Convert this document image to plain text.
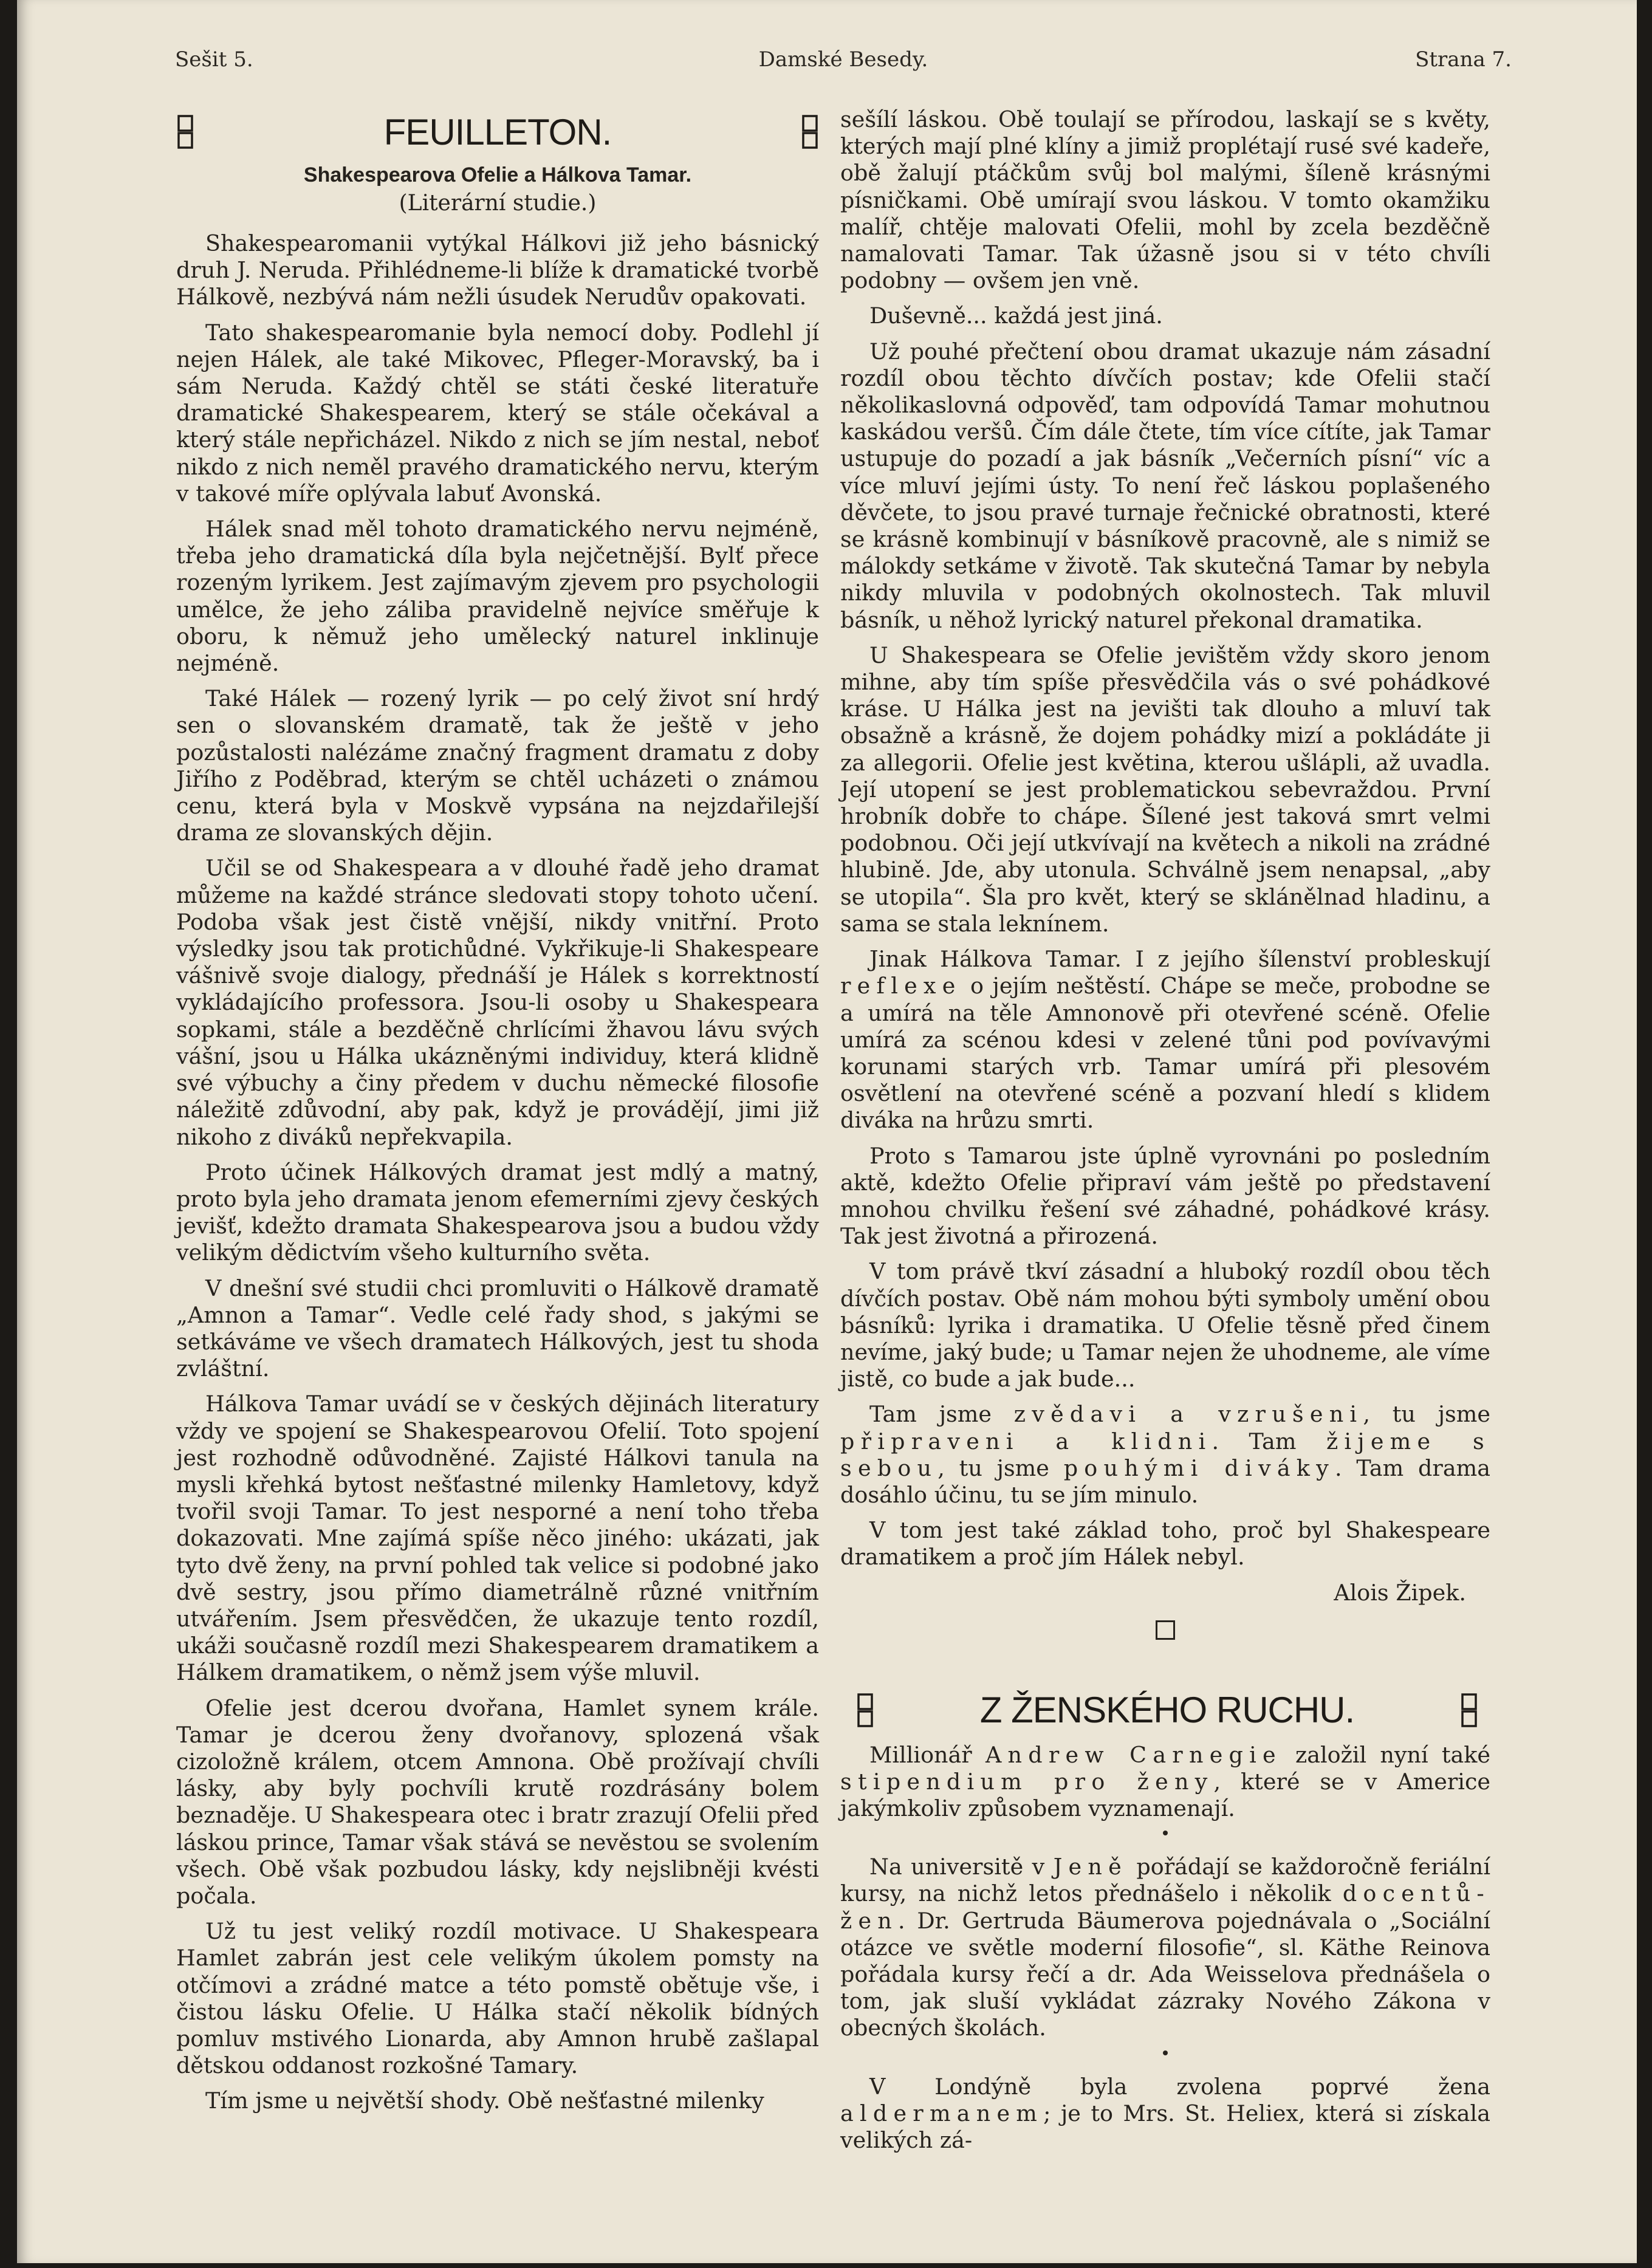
Sešit 5.	Damské Besedy.	Strana 7.
FEUILLETON.
Shakespearova Ofelie a Hálkova Tamar.
(Literární studie.)

Shakespearomanii vytýkal Hálkovi již jeho básnický druh J. Neruda. Přihlédneme-li blíže k dramatické tvorbě Hálkově, nezbývá nám nežli úsudek Nerudův opakovati.

Tato shakespearomanie byla nemocí doby. Podlehl jí nejen Hálek, ale také Mikovec, Pfleger-Moravský, ba i sám Neruda. Každý chtěl se státi české literatuře dramatické Shakespearem, který se stále očekával a který stále nepřicházel. Nikdo z nich se jím nestal, neboť nikdo z nich neměl pravého dramatického nervu, kterým v takové míře oplývala labuť Avonská.

Hálek snad měl tohoto dramatického nervu nejméně, třeba jeho dramatická díla byla nejčetnější. Bylť přece rozeným lyrikem. Jest zajímavým zjevem pro psychologii umělce, že jeho záliba pravidelně nejvíce směřuje k oboru, k němuž jeho umělecký naturel inklinuje nejméně.

Také Hálek — rozený lyrik — po celý život sní hrdý sen o slovanském dramatě, tak že ještě v jeho pozůstalosti nalézáme značný fragment dramatu z doby Jiřího z Poděbrad, kterým se chtěl ucházeti o známou cenu, která byla v Moskvě vypsána na nejzdařilejší drama ze slovanských dějin.

Učil se od Shakespeara a v dlouhé řadě jeho dramat můžeme na každé stránce sledovati stopy tohoto učení. Podoba však jest čistě vnější, nikdy vnitřní. Proto výsledky jsou tak protichůdné. Vykřikuje-li Shakespeare vášnivě svoje dialogy, přednáší je Hálek s korrektností vykládajícího professora. Jsou-li osoby u Shakespeara sopkami, stále a bezděčně chrlícími žhavou lávu svých vášní, jsou u Hálka ukázněnými individuy, která klidně své výbuchy a činy předem v duchu německé filosofie náležitě zdůvodní, aby pak, když je provádějí, jimi již nikoho z diváků nepřekvapila.

Proto účinek Hálkových dramat jest mdlý a matný, proto byla jeho dramata jenom efemerními zjevy českých jevišť, kdežto dramata Shakespearova jsou a budou vždy velikým dědictvím všeho kulturního světa.

V dnešní své studii chci promluviti o Hálkově dramatě „Amnon a Tamar“. Vedle celé řady shod, s jakými se setkáváme ve všech dramatech Hálkových, jest tu shoda zvláštní.

Hálkova Tamar uvádí se v českých dějinách literatury vždy ve spojení se Shakespearovou Ofelií. Toto spojení jest rozhodně odůvodněné. Zajisté Hálkovi tanula na mysli křehká bytost nešťastné milenky Hamletovy, když tvořil svoji Tamar. To jest nesporné a není toho třeba dokazovati. Mne zajímá spíše něco jiného: ukázati, jak tyto dvě ženy, na první pohled tak velice si podobné jako dvě sestry, jsou přímo diametrálně různé vnitřním utvářením. Jsem přesvědčen, že ukazuje tento rozdíl, ukáži současně rozdíl mezi Shakespearem dramatikem a Hálkem dramatikem, o němž jsem výše mluvil.

Ofelie jest dcerou dvořana, Hamlet synem krále. Tamar je dcerou ženy dvořanovy, splozená však cizoložně králem, otcem Amnona. Obě prožívají chvíli lásky, aby byly pochvíli krutě rozdrásány bolem beznaděje. U Shakespeara otec i bratr zrazují Ofelii před láskou prince, Tamar však stává se nevěstou se svolením všech. Obě však pozbudou lásky, kdy nejslibněji kvésti počala.

Už tu jest veliký rozdíl motivace. U Shakespeara Hamlet zabrán jest cele velikým úkolem pomsty na otčímovi a zrádné matce a této pomstě obětuje vše, i čistou lásku Ofelie. U Hálka stačí několik bídných pomluv mstivého Lionarda, aby Amnon hrubě zašlapal dětskou oddanost rozkošné Tamary.

Tím jsme u největší shody. Obě nešťastné milenky

sešílí láskou. Obě toulají se přírodou, laskají se s květy, kterých mají plné klíny a jimiž proplétají rusé své kadeře, obě žalují ptáčkům svůj bol malými, šíleně krásnými písničkami. Obě umírají svou láskou. V tomto okamžiku malíř, chtěje malovati Ofelii, mohl by zcela bezděčně namalovati Tamar. Tak úžasně jsou si v této chvíli podobny — ovšem jen vně.

Duševně... každá jest jiná.

Už pouhé přečtení obou dramat ukazuje nám zásadní rozdíl obou těchto dívčích postav; kde Ofelii stačí několikaslovná odpověď, tam odpovídá Tamar mohutnou kaskádou veršů. Čím dále čtete, tím více cítíte, jak Tamar ustupuje do pozadí a jak básník „Večerních písní“ víc a více mluví jejími ústy. To není řeč láskou poplašeného děvčete, to jsou pravé turnaje řečnické obratnosti, které se krásně kombinují v básníkově pracovně, ale s nimiž se málokdy setkáme v životě. Tak skutečná Tamar by nebyla nikdy mluvila v podobných okolnostech. Tak mluvil básník, u něhož lyrický naturel překonal dramatika.

U Shakespeara se Ofelie jevištěm vždy skoro jenom mihne, aby tím spíše přesvědčila vás o své pohádkové kráse. U Hálka jest na jevišti tak dlouho a mluví tak obsažně a krásně, že dojem pohádky mizí a pokládáte ji za allegorii. Ofelie jest květina, kterou ušlápli, až uvadla. Její utopení se jest problematickou sebevraždou. První hrobník dobře to chápe. Šílené jest taková smrt velmi podobnou. Oči její utkvívají na květech a nikoli na zrádné hlubině. Jde, aby utonula. Schválně jsem nenapsal, „aby se utopila“. Šla pro květ, který se sklánělnad hladinu, a sama se stala leknínem.

Jinak Hálkova Tamar. I z jejího šílenství probleskují reflexe o jejím neštěstí. Chápe se meče, probodne se a umírá na těle Amnonově při otevřené scéně. Ofelie umírá za scénou kdesi v zelené tůni pod povívavými korunami starých vrb. Tamar umírá při plesovém osvětlení na otevřené scéně a pozvaní hledí s klidem diváka na hrůzu smrti.

Proto s Tamarou jste úplně vyrovnáni po posledním aktě, kdežto Ofelie připraví vám ještě po představení mnohou chvilku řešení své záhadné, pohádkové krásy. Tak jest životná a přirozená.

V tom právě tkví zásadní a hluboký rozdíl obou těch dívčích postav. Obě nám mohou býti symboly umění obou básníků: lyrika i dramatika. U Ofelie těsně před činem nevíme, jaký bude; u Tamar nejen že uhodneme, ale víme jistě, co bude a jak bude...

Tam jsme zvědavi a vzrušeni, tu jsme připraveni a klidni. Tam žijeme s sebou, tu jsme pouhými diváky. Tam drama dosáhlo účinu, tu se jím minulo.

V tom jest také základ toho, proč byl Shakespeare dramatikem a proč jím Hálek nebyl.

Alois Žipek.
Z ŽENSKÉHO RUCHU.

Millionář Andrew Carnegie založil nyní také stipendium pro ženy, které se v Americe jakýmkoliv způsobem vyznamenají.

Na universitě v Jeně pořádají se každoročně feriální kursy, na nichž letos přednášelo i několik docentů-žen. Dr. Gertruda Bäumerova pojednávala o „Sociální otázce ve světle moderní filosofie“, sl. Käthe Reinova pořádala kursy řečí a dr. Ada Weisselova přednášela o tom, jak sluší vykládat zázraky Nového Zákona v obecných školách.

V Londýně byla zvolena poprvé žena aldermanem; je to Mrs. St. Heliex, která si získala velikých zá-
